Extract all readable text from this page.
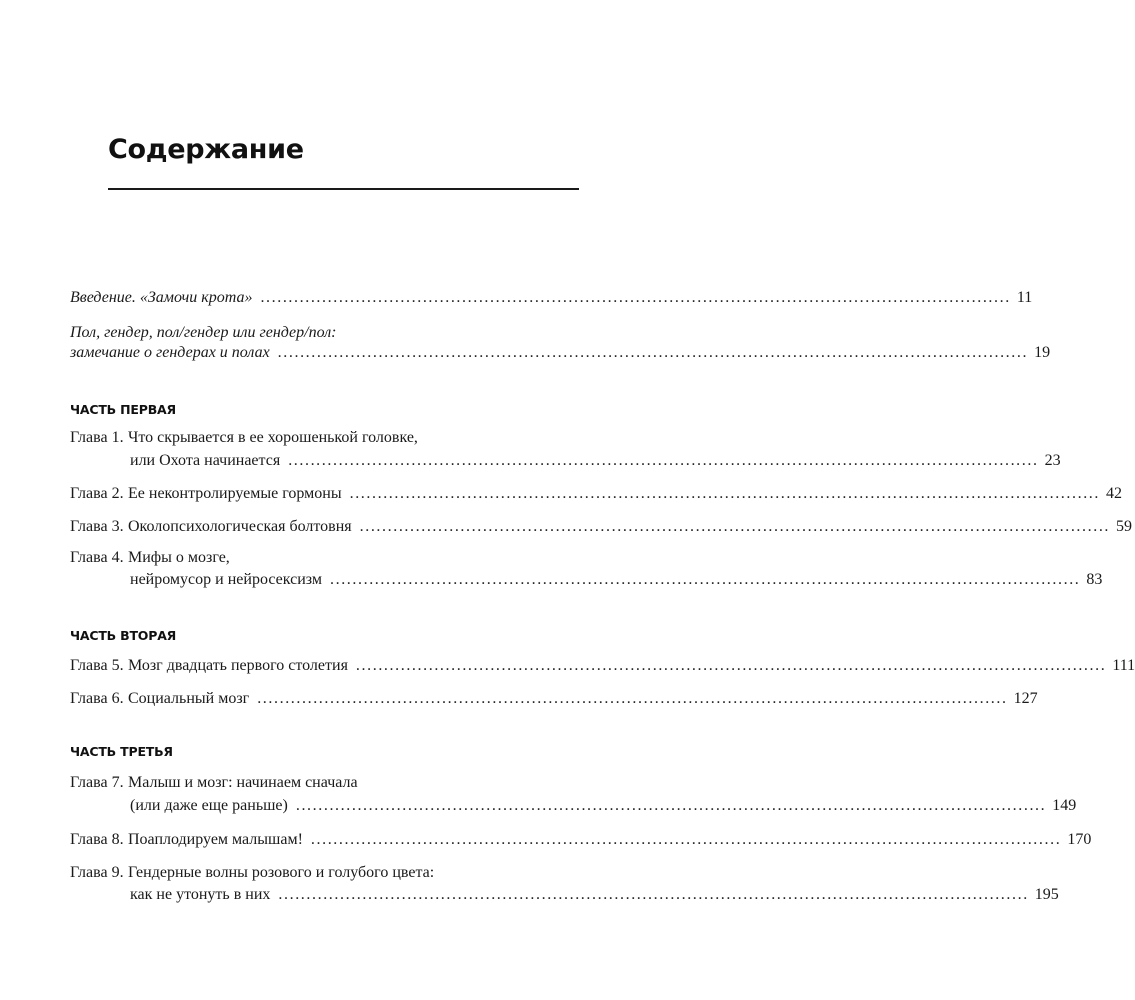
Содержание
Введение. «Замочи крота» ...................................................................................................................................... 11
Пол, гендер, пол/гендер или гендер/пол:
замечание о гендерах и полах ...................................................................................................................................... 19
ЧАСТЬ ПЕРВАЯ
Глава 1. Что скрывается в ее хорошенькой головке,
или Охота начинается ...................................................................................................................................... 23
Глава 2. Ее неконтролируемые гормоны ...................................................................................................................................... 42
Глава 3. Околопсихологическая болтовня ...................................................................................................................................... 59
Глава 4. Мифы о мозге,
нейромусор и нейросексизм ...................................................................................................................................... 83
ЧАСТЬ ВТОРАЯ
Глава 5. Мозг двадцать первого столетия ...................................................................................................................................... 111
Глава 6. Социальный мозг ...................................................................................................................................... 127
ЧАСТЬ ТРЕТЬЯ
Глава 7. Малыш и мозг: начинаем сначала
(или даже еще раньше) ...................................................................................................................................... 149
Глава 8. Поаплодируем малышам! ...................................................................................................................................... 170
Глава 9. Гендерные волны розового и голубого цвета:
как не утонуть в них ...................................................................................................................................... 195
